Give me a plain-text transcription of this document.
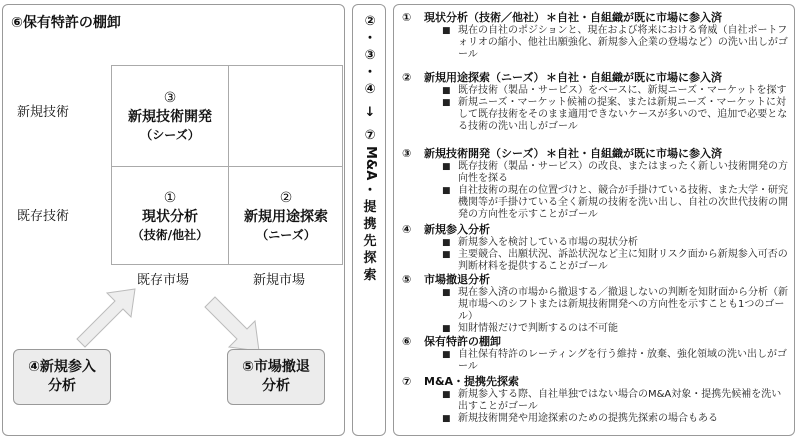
⑥保有特許の棚卸
新規技術
既存技術
③
新規技術開発
（シーズ）
①
現状分析
（技術/他社）
②
新規用途探索
（ニーズ）
既存市場	新規市場
④新規参入
分析
⑤市場撤退
分析
②
・
③
・
④
↓
⑦
M&A
・
提
携
先
探
索
①	現状分析（技術／他社） ＊自社・自組織が既に市場に参入済
■ 現在の自社のポジションと、現在および将来における脅威（自社ポートフォリオの縮小、他社出願強化、新規参入企業の登場など）の洗い出しがゴール
②	新規用途探索（ニーズ） ＊自社・自組織が既に市場に参入済
■ 既存技術（製品・サービス）をベースに、新規ニーズ・マーケットを探す
■ 新規ニーズ・マーケット候補の提案、または新規ニーズ・マーケットに対して既存技術をそのまま適用できないケースが多いので、追加で必要となる技術の洗い出しがゴール
③	新規技術開発（シーズ） ＊自社・自組織が既に市場に参入済
■ 既存技術（製品・サービス）の改良、またはまったく新しい技術開発の方向性を探る
■ 自社技術の現在の位置づけと、競合が手掛けている技術、また大学・研究機関等が手掛けている全く新規の技術を洗い出し、自社の次世代技術の開発の方向性を示すことがゴール
④	新規参入分析
■ 新規参入を検討している市場の現状分析
■ 主要競合、出願状況、訴訟状況など主に知財リスク面から新規参入可否の判断材料を提供することがゴール
⑤	市場撤退分析
■ 現在参入済の市場から撤退する／撤退しないの判断を知財面から分析（新規市場へのシフトまたは新規技術開発への方向性を示すことも1つのゴール）
■ 知財情報だけで判断するのは不可能
⑥	保有特許の棚卸
■ 自社保有特許のレーティングを行う維持・放棄、強化領域の洗い出しがゴール
⑦	M&A・提携先探索
■ 新規参入する際、自社単独ではない場合のM&A対象・提携先候補を洗い出すことがゴール
■ 新規技術開発や用途探索のための提携先探索の場合もある
